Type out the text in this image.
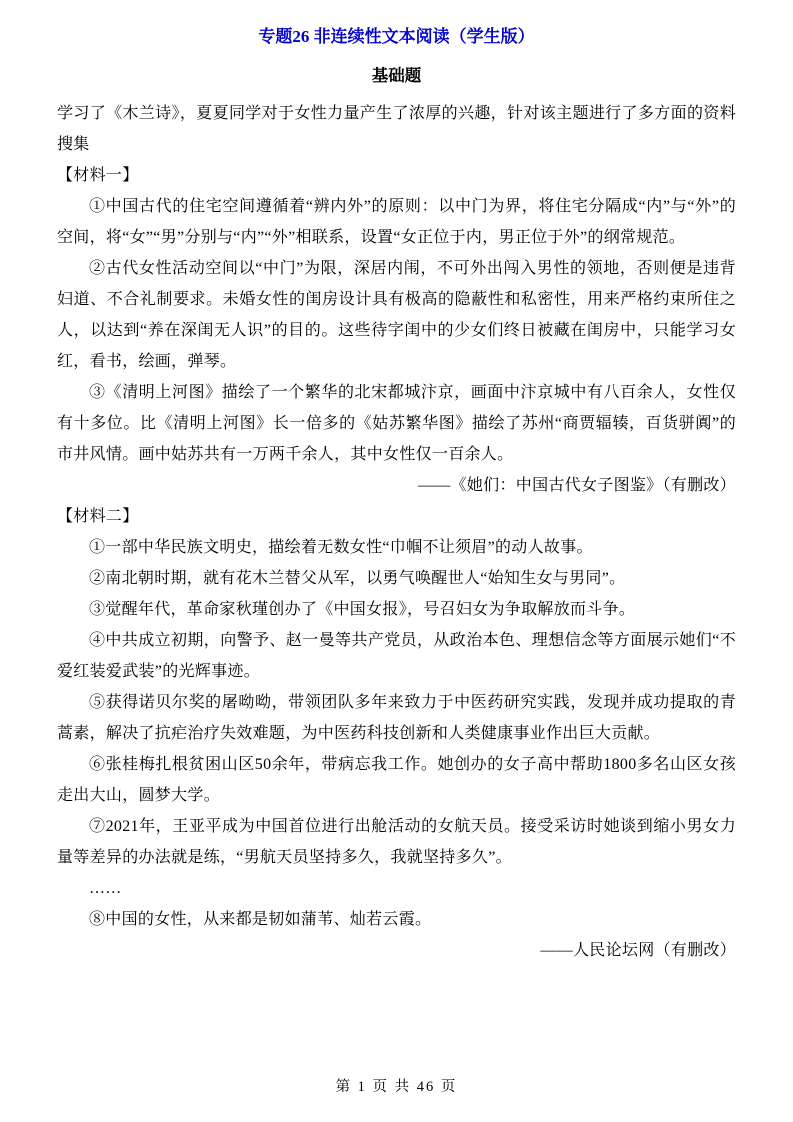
专题26 非连续性文本阅读（学生版）
基础题

学习了《木兰诗》，夏夏同学对于女性力量产生了浓厚的兴趣，针对该主题进行了多方面的资料搜集

【材料一】

①中国古代的住宅空间遵循着“辨内外”的原则：以中门为界，将住宅分隔成“内”与“外”的空间，将“女”“男”分别与“内”“外”相联系，设置“女正位于内，男正位于外”的纲常规范。

②古代女性活动空间以“中门”为限，深居内闱，不可外出闯入男性的领地，否则便是违背妇道、不合礼制要求。未婚女性的闺房设计具有极高的隐蔽性和私密性，用来严格约束所住之人，以达到“养在深闺无人识”的目的。这些待字闺中的少女们终日被藏在闺房中，只能学习女红，看书，绘画，弹琴。

③《清明上河图》描绘了一个繁华的北宋都城汴京，画面中汴京城中有八百余人，女性仅有十多位。比《清明上河图》长一倍多的《姑苏繁华图》描绘了苏州“商贾辐辏，百货骈阗”的市井风情。画中姑苏共有一万两千余人，其中女性仅一百余人。

——《她们：中国古代女子图鉴》（有删改）

【材料二】

①一部中华民族文明史，描绘着无数女性“巾帼不让须眉”的动人故事。

②南北朝时期，就有花木兰替父从军，以勇气唤醒世人“始知生女与男同”。

③觉醒年代，革命家秋瑾创办了《中国女报》，号召妇女为争取解放而斗争。

④中共成立初期，向警予、赵一曼等共产党员，从政治本色、理想信念等方面展示她们“不爱红装爱武装”的光辉事迹。

⑤获得诺贝尔奖的屠呦呦，带领团队多年来致力于中医药研究实践，发现并成功提取的青蒿素，解决了抗疟治疗失效难题，为中医药科技创新和人类健康事业作出巨大贡献。

⑥张桂梅扎根贫困山区50余年，带病忘我工作。她创办的女子高中帮助1800多名山区女孩走出大山，圆梦大学。

⑦2021年，王亚平成为中国首位进行出舱活动的女航天员。接受采访时她谈到缩小男女力量等差异的办法就是练，“男航天员坚持多久，我就坚持多久”。

……

⑧中国的女性，从来都是韧如蒲苇、灿若云霞。

——人民论坛网（有删改）

第 1 页 共 46 页
